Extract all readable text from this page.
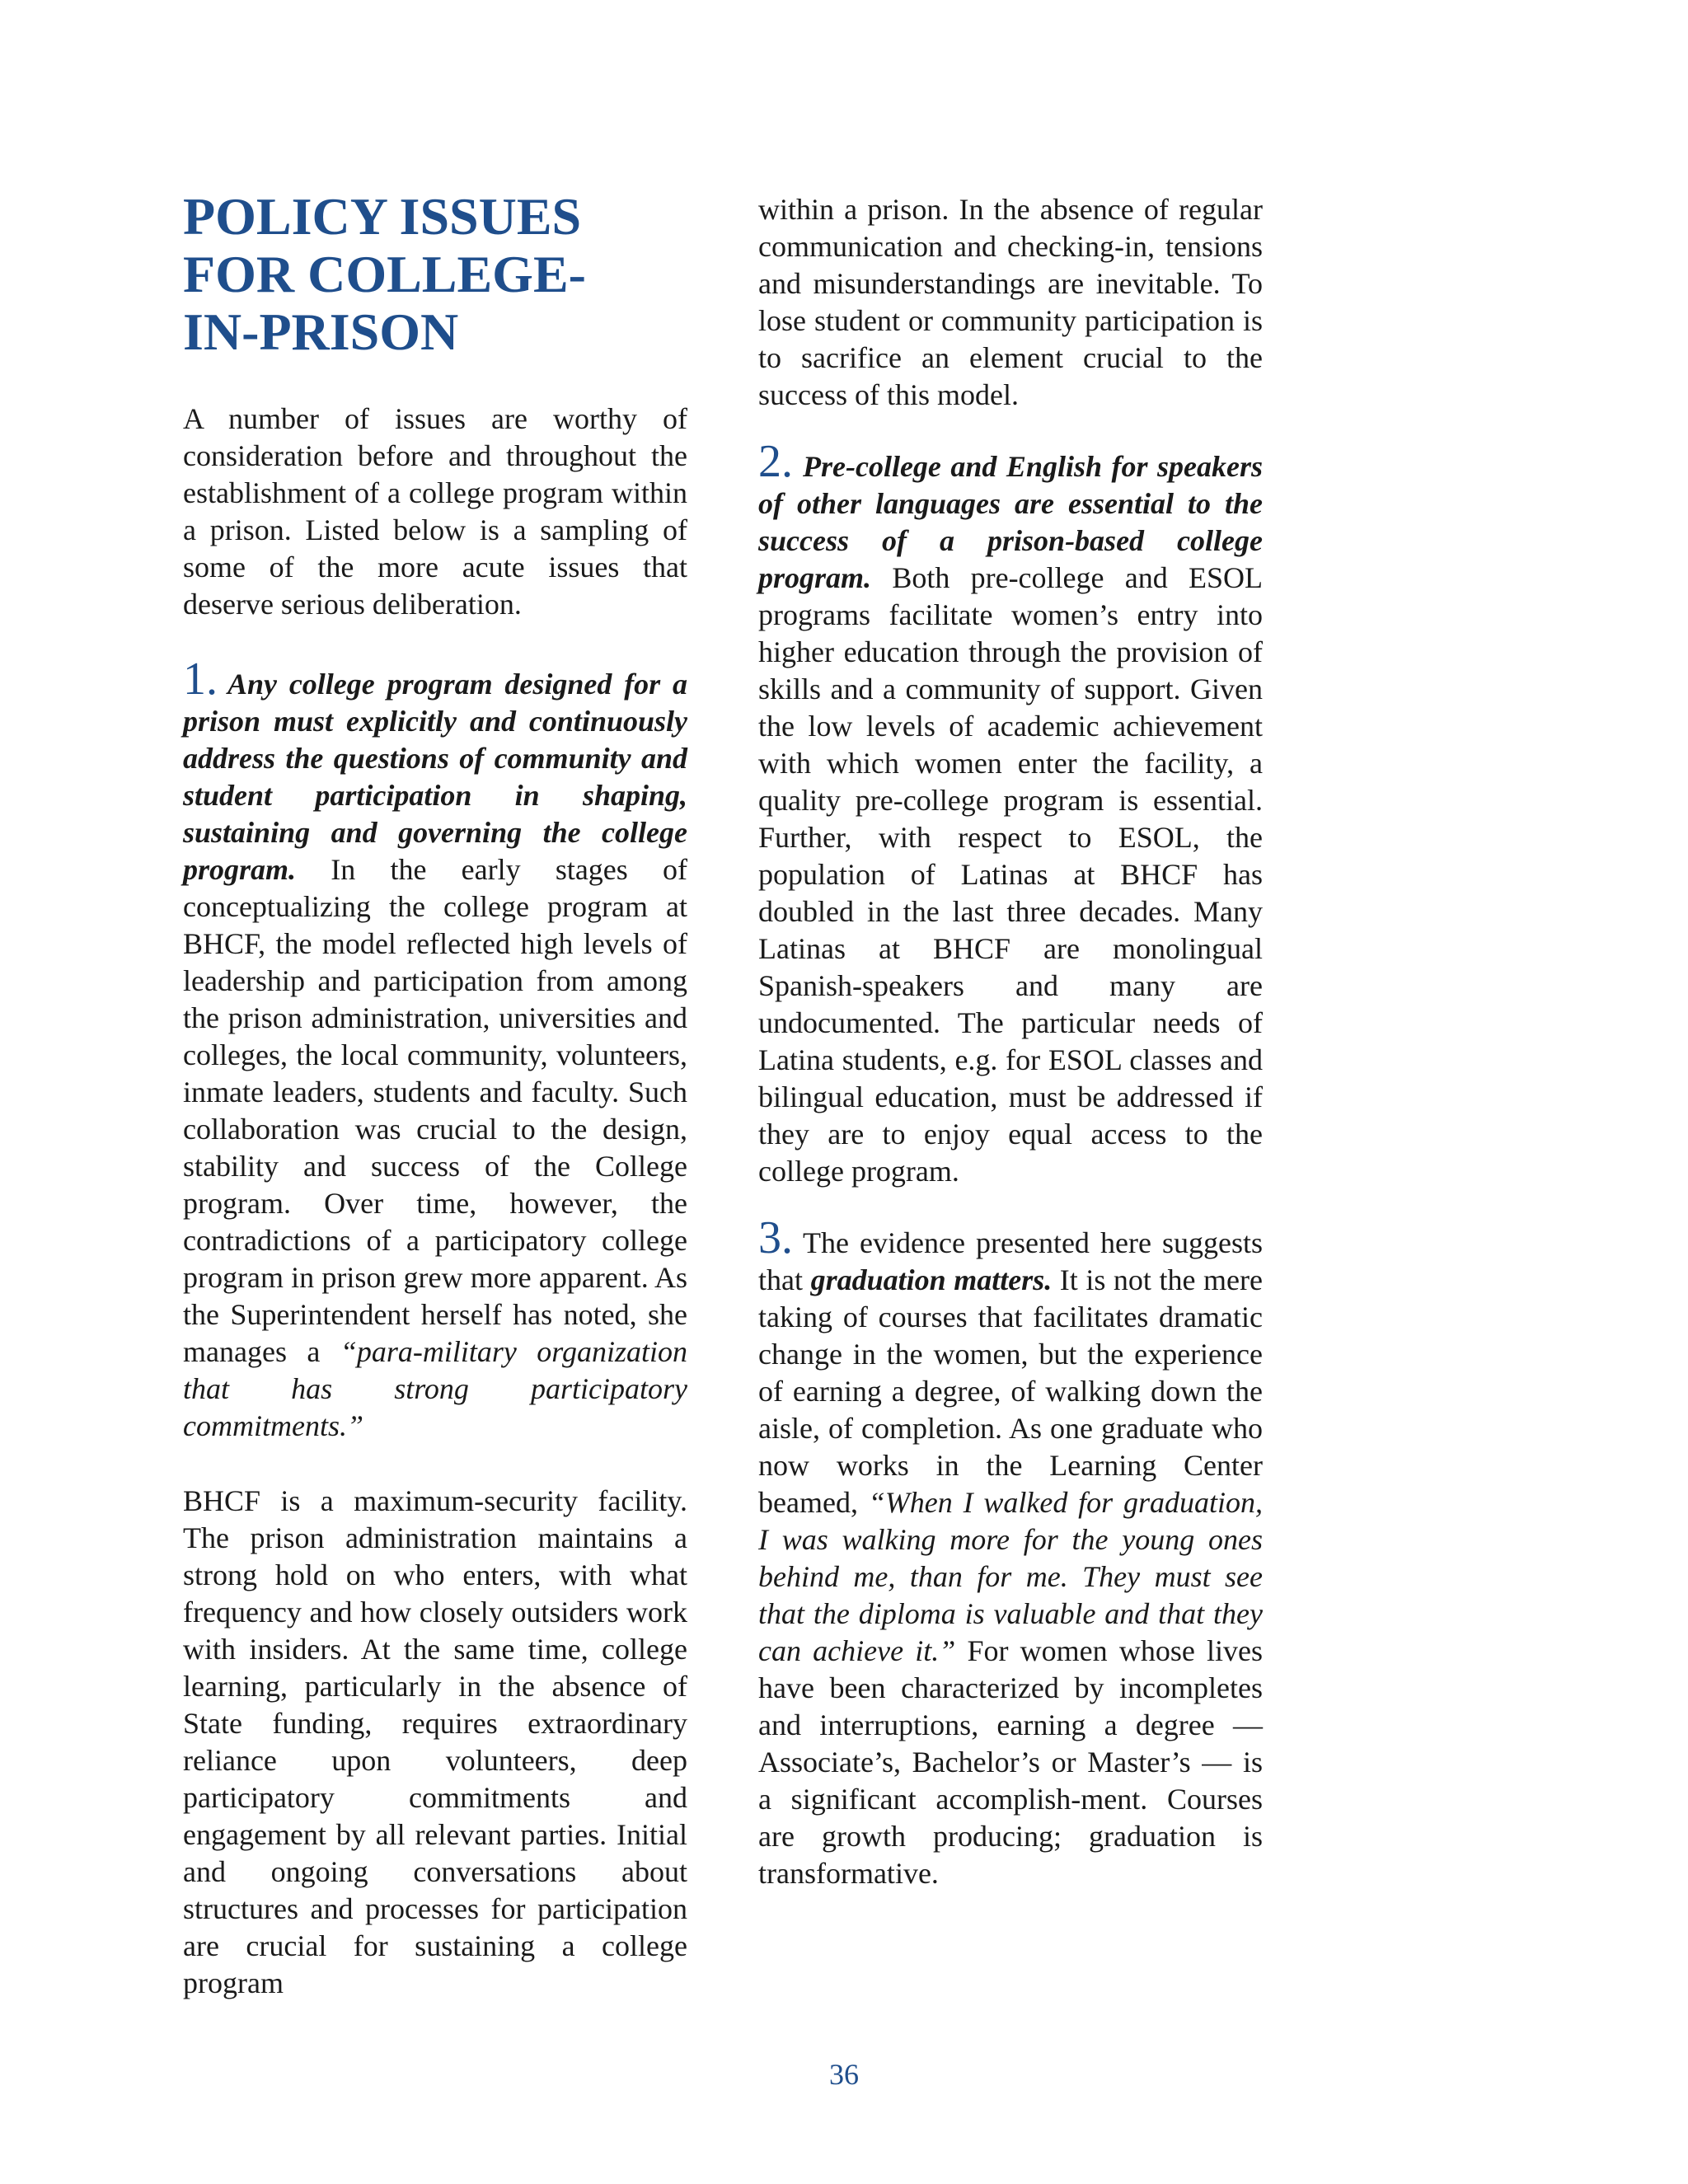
POLICY ISSUES
FOR COLLEGE-
IN-PRISON

A number of issues are worthy of consideration before and throughout the establishment of a college program within a prison. Listed below is a sampling of some of the more acute issues that deserve serious deliberation.

1. Any college program designed for a prison must explicitly and continuously address the questions of community and student participation in shaping, sustaining and governing the college program. In the early stages of conceptualizing the college program at BHCF, the model reflected high levels of leadership and participation from among the prison administration, universities and colleges, the local community, volunteers, inmate leaders, students and faculty. Such collaboration was crucial to the design, stability and success of the College program. Over time, however, the contradictions of a participatory college program in prison grew more apparent. As the Superintendent herself has noted, she manages a “para-military organization that has strong participatory commitments.”

BHCF is a maximum-security facility. The prison administration maintains a strong hold on who enters, with what frequency and how closely outsiders work with insiders. At the same time, college learning, particularly in the absence of State funding, requires extraordinary reliance upon volunteers, deep participatory commitments and engagement by all relevant parties. Initial and ongoing conversations about structures and processes for participation are crucial for sustaining a college program

within a prison. In the absence of regular communication and checking-in, tensions and misunderstandings are inevitable. To lose student or community participation is to sacrifice an element crucial to the success of this model.

2. Pre-college and English for speakers of other languages are essential to the success of a prison-based college program. Both pre-college and ESOL programs facilitate women’s entry into higher education through the provision of skills and a community of support. Given the low levels of academic achievement with which women enter the facility, a quality pre-college program is essential. Further, with respect to ESOL, the population of Latinas at BHCF has doubled in the last three decades. Many Latinas at BHCF are monolingual Spanish-speakers and many are undocumented. The particular needs of Latina students, e.g. for ESOL classes and bilingual education, must be addressed if they are to enjoy equal access to the college program.

3. The evidence presented here suggests that graduation matters. It is not the mere taking of courses that facilitates dramatic change in the women, but the experience of earning a degree, of walking down the aisle, of completion. As one graduate who now works in the Learning Center beamed, “When I walked for graduation, I was walking more for the young ones behind me, than for me. They must see that the diploma is valuable and that they can achieve it.” For women whose lives have been characterized by incompletes and interruptions, earning a degree — Associate’s, Bachelor’s or Master’s — is a significant accomplish-ment. Courses are growth producing; graduation is transformative.

36
